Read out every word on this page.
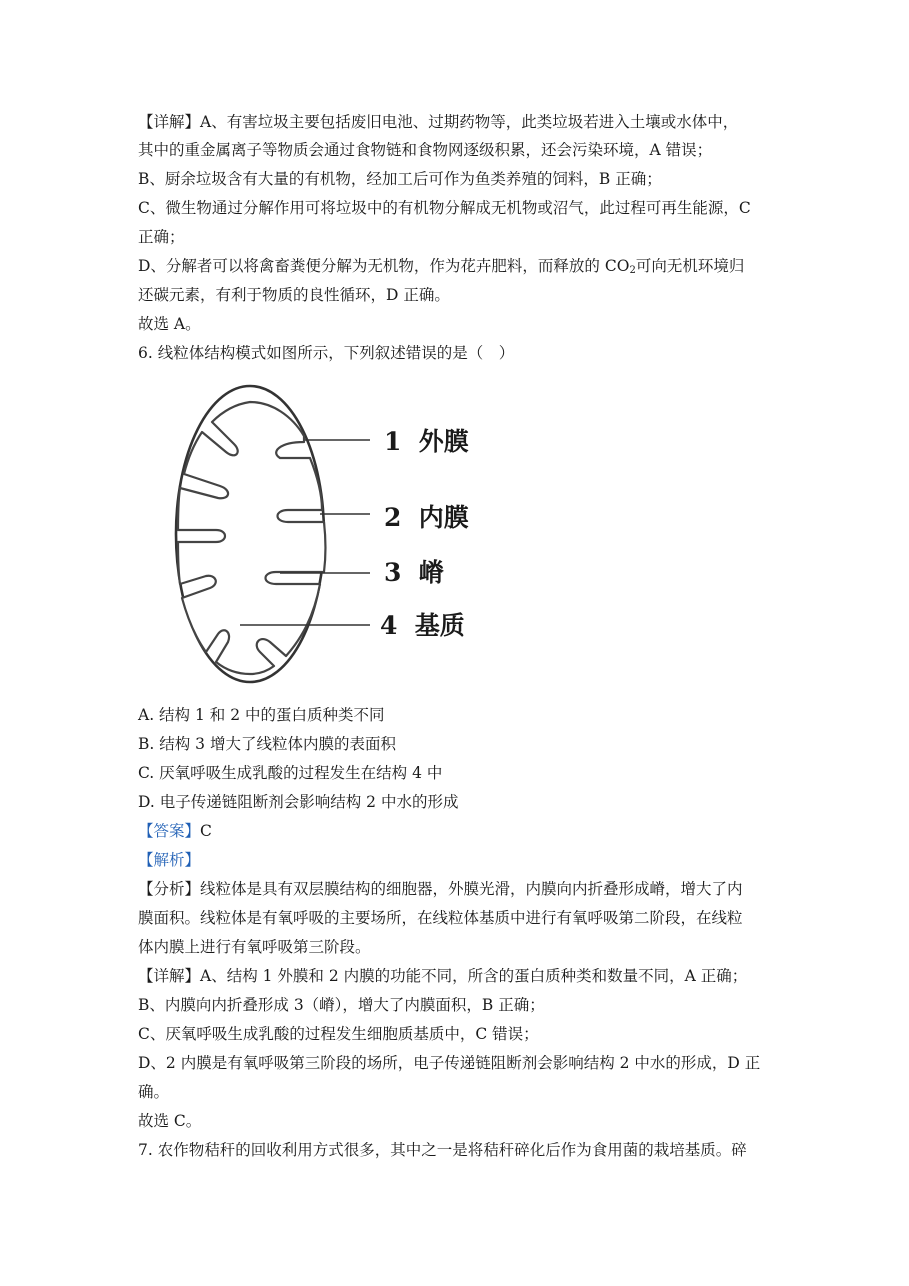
【详解】A、有害垃圾主要包括废旧电池、过期药物等，此类垃圾若进入土壤或水体中，

其中的重金属离子等物质会通过食物链和食物网逐级积累，还会污染环境，A 错误；

B、厨余垃圾含有大量的有机物，经加工后可作为鱼类养殖的饲料，B 正确；

C、微生物通过分解作用可将垃圾中的有机物分解成无机物或沼气，此过程可再生能源，C

正确；

D、分解者可以将禽畜粪便分解为无机物，作为花卉肥料，而释放的 $CO_2$可向无机环境归

还碳元素，有利于物质的良性循环，D 正确。

故选 A。

6. 线粒体结构模式如图所示，下列叙述错误的是（　）

1  外膜
2  内膜
3  嵴
4  基质

A. 结构 1 和 2 中的蛋白质种类不同

B. 结构 3 增大了线粒体内膜的表面积

C. 厌氧呼吸生成乳酸的过程发生在结构 4 中

D. 电子传递链阻断剂会影响结构 2 中水的形成

【答案】C

【解析】

【分析】线粒体是具有双层膜结构的细胞器，外膜光滑，内膜向内折叠形成嵴，增大了内

膜面积。线粒体是有氧呼吸的主要场所，在线粒体基质中进行有氧呼吸第二阶段，在线粒

体内膜上进行有氧呼吸第三阶段。

【详解】A、结构 1 外膜和 2 内膜的功能不同，所含的蛋白质种类和数量不同，A 正确；

B、内膜向内折叠形成 3（嵴），增大了内膜面积，B 正确；

C、厌氧呼吸生成乳酸的过程发生细胞质基质中，C 错误；

D、2 内膜是有氧呼吸第三阶段的场所，电子传递链阻断剂会影响结构 2 中水的形成，D 正

确。

故选 C。

7. 农作物秸秆的回收利用方式很多，其中之一是将秸秆碎化后作为食用菌的栽培基质。碎
